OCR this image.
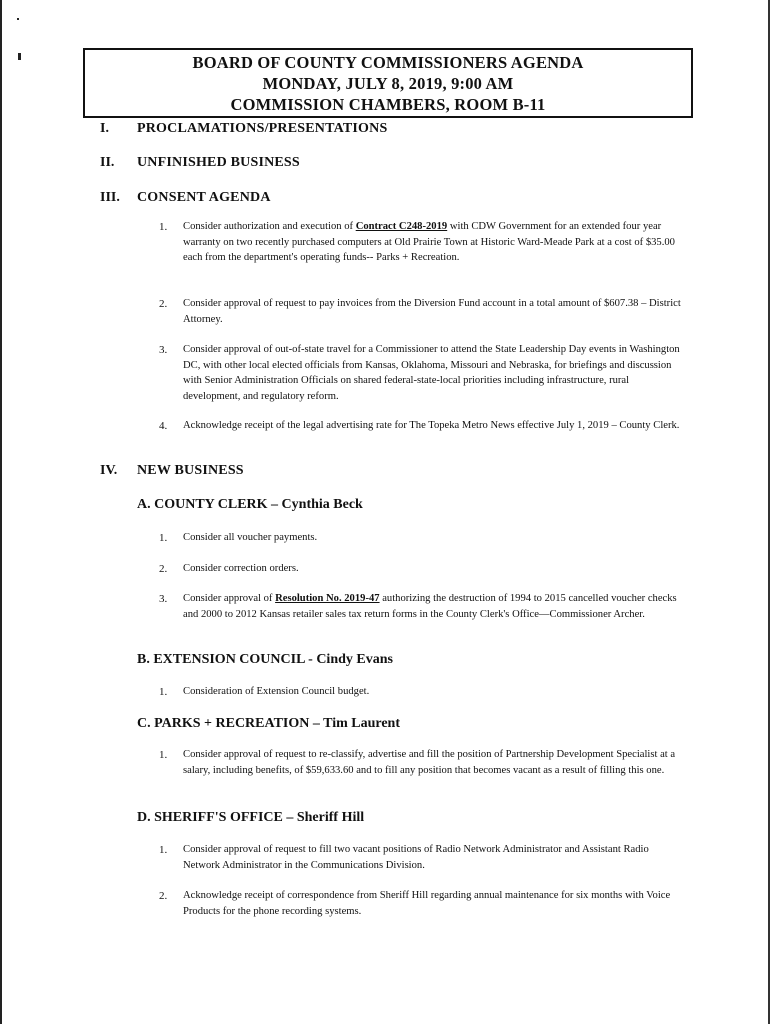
BOARD OF COUNTY COMMISSIONERS AGENDA
MONDAY, JULY 8, 2019, 9:00 AM
COMMISSION CHAMBERS, ROOM B-11
I. PROCLAMATIONS/PRESENTATIONS
II. UNFINISHED BUSINESS
III. CONSENT AGENDA
1. Consider authorization and execution of Contract C248-2019 with CDW Government for an extended four year warranty on two recently purchased computers at Old Prairie Town at Historic Ward-Meade Park at a cost of $35.00 each from the department's operating funds-- Parks + Recreation.
2. Consider approval of request to pay invoices from the Diversion Fund account in a total amount of $607.38 – District Attorney.
3. Consider approval of out-of-state travel for a Commissioner to attend the State Leadership Day events in Washington DC, with other local elected officials from Kansas, Oklahoma, Missouri and Nebraska, for briefings and discussion with Senior Administration Officials on shared federal-state-local priorities including infrastructure, rural development, and regulatory reform.
4. Acknowledge receipt of the legal advertising rate for The Topeka Metro News effective July 1, 2019 – County Clerk.
IV. NEW BUSINESS
A. COUNTY CLERK – Cynthia Beck
1. Consider all voucher payments.
2. Consider correction orders.
3. Consider approval of Resolution No. 2019-47 authorizing the destruction of 1994 to 2015 cancelled voucher checks and 2000 to 2012 Kansas retailer sales tax return forms in the County Clerk's Office—Commissioner Archer.
B. EXTENSION COUNCIL - Cindy Evans
1. Consideration of Extension Council budget.
C. PARKS + RECREATION – Tim Laurent
1. Consider approval of request to re-classify, advertise and fill the position of Partnership Development Specialist at a salary, including benefits, of $59,633.60 and to fill any position that becomes vacant as a result of filling this one.
D. SHERIFF'S OFFICE – Sheriff Hill
1. Consider approval of request to fill two vacant positions of Radio Network Administrator and Assistant Radio Network Administrator in the Communications Division.
2. Acknowledge receipt of correspondence from Sheriff Hill regarding annual maintenance for six months with Voice Products for the phone recording systems.
